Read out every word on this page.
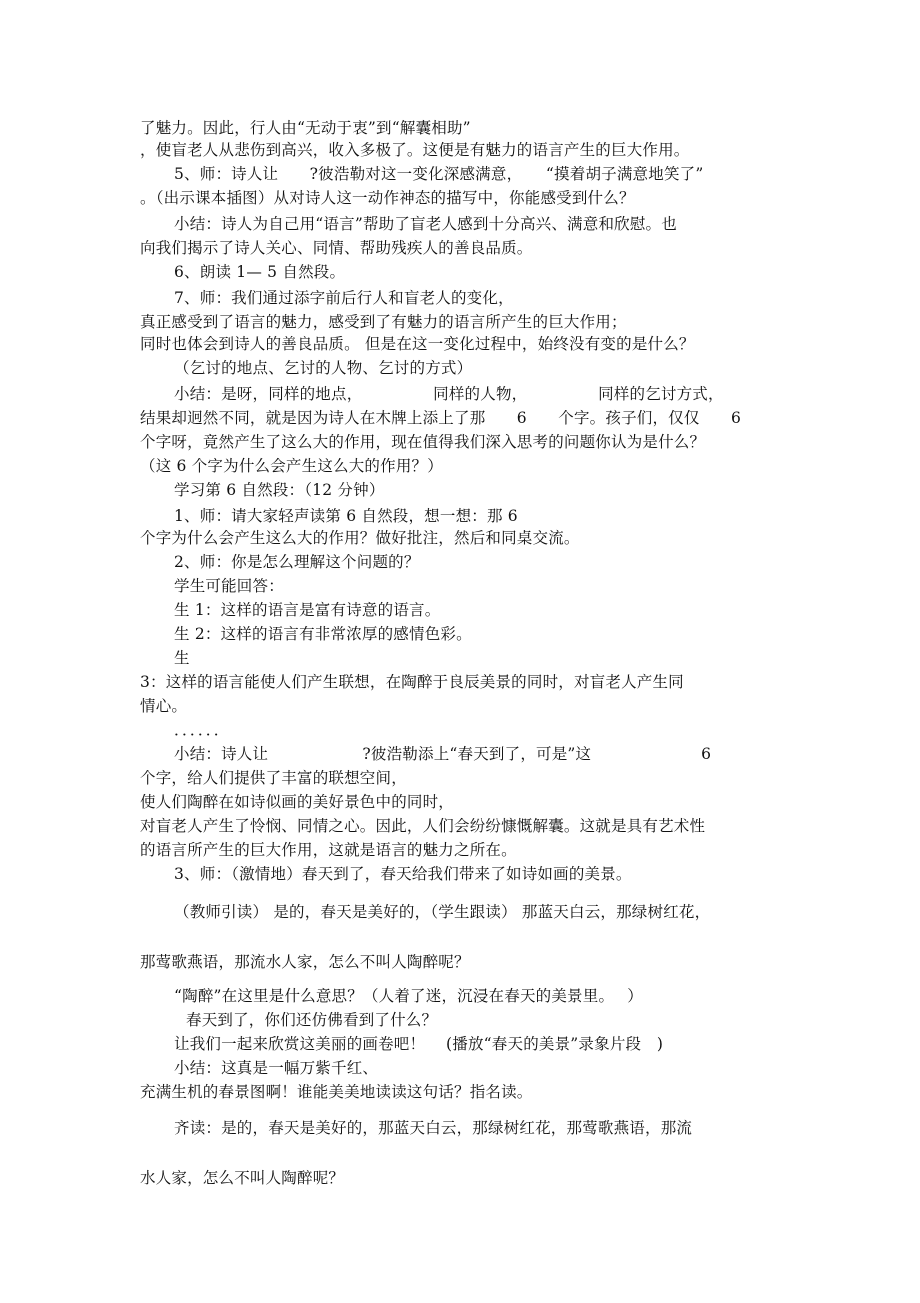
了魅力。因此，行人由“无动于衷”到“解囊相助”
，使盲老人从悲伤到高兴，收入多极了。这便是有魅力的语言产生的巨大作用。
5、师：诗人让　　?彼浩勒对这一变化深感满意，　　“摸着胡子满意地笑了”
。（出示课本插图）从对诗人这一动作神态的描写中，你能感受到什么？
小结：诗人为自己用“语言”帮助了盲老人感到十分高兴、满意和欣慰。也
向我们揭示了诗人关心、同情、帮助残疾人的善良品质。
6、朗读 1— 5 自然段。
7、师：我们通过添字前后行人和盲老人的变化，
真正感受到了语言的魅力，感受到了有魅力的语言所产生的巨大作用；
同时也体会到诗人的善良品质。 但是在这一变化过程中，始终没有变的是什么？
（乞讨的地点、乞讨的人物、乞讨的方式）
小结：是呀，同样的地点，　　　　　同样的人物，　　　　　同样的乞讨方式，
结果却迥然不同，就是因为诗人在木牌上添上了那　　6　　个字。孩子们，仅仅　　6
个字呀，竟然产生了这么大的作用，现在值得我们深入思考的问题你认为是什么？
（这 6 个字为什么会产生这么大的作用？）
学习第 6 自然段：（12 分钟）
1、师：请大家轻声读第 6 自然段，想一想：那 6
个字为什么会产生这么大的作用？做好批注，然后和同桌交流。
2、师：你是怎么理解这个问题的？
学生可能回答：
生 1：这样的语言是富有诗意的语言。
生 2：这样的语言有非常浓厚的感情色彩。
生
3：这样的语言能使人们产生联想，在陶醉于良辰美景的同时，对盲老人产生同
情心。
．．．．．．
小结：诗人让　　　　　　?彼浩勒添上“春天到了，可是”这　　　　　　　6
个字，给人们提供了丰富的联想空间，
使人们陶醉在如诗似画的美好景色中的同时，
对盲老人产生了怜悯、同情之心。因此，人们会纷纷慷慨解囊。这就是具有艺术性
的语言所产生的巨大作用，这就是语言的魅力之所在。
3、师：（激情地）春天到了，春天给我们带来了如诗如画的美景。
（教师引读） 是的，春天是美好的，（学生跟读） 那蓝天白云，那绿树红花，
那莺歌燕语，那流水人家，怎么不叫人陶醉呢？
“陶醉”在这里是什么意思？（人着了迷，沉浸在春天的美景里。　 ）
春天到了，你们还仿佛看到了什么？
让我们一起来欣赏这美丽的画卷吧！　 (播放“春天的美景”录象片段　)
小结：这真是一幅万紫千红、
充满生机的春景图啊！谁能美美地读读这句话？指名读。
齐读：是的，春天是美好的，那蓝天白云，那绿树红花，那莺歌燕语，那流
水人家，怎么不叫人陶醉呢？
